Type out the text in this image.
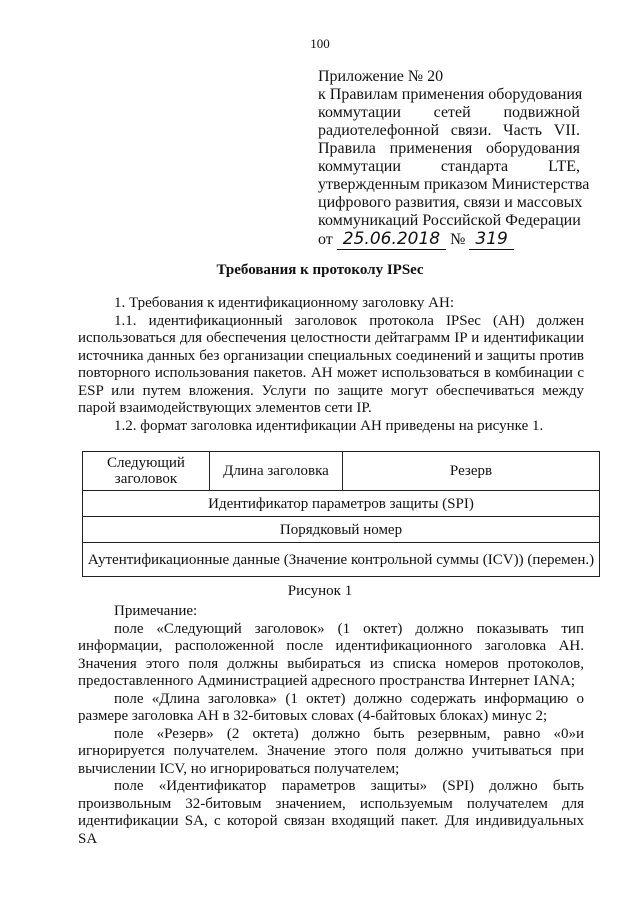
100
Приложение № 20
к Правилам применения оборудования
коммутации сетей подвижной
радиотелефонной связи. Часть VII.
Правила применения оборудования
коммутации стандарта LTE,
утвержденным приказом Министерства
цифрового развития, связи и массовых
коммуникаций Российской Федерации
от 25.06.2018 № 319
Требования к протоколу IPSec
1. Требования к идентификационному заголовку АН:
1.1. идентификационный заголовок протокола IPSec (АН) должен
использоваться для обеспечения целостности дейтаграмм IP и идентификации источника данных без организации специальных соединений и защиты против повторного использования пакетов. АН может использоваться в комбинации с ESP или путем вложения. Услуги по защите могут обеспечиваться между парой взаимодействующих элементов сети IP.
1.2. формат заголовка идентификации АН приведены на рисунке 1.
Следующий заголовок	Длина заголовка	Резерв
Идентификатор параметров защиты (SPI)
Порядковый номер
Аутентификационные данные (Значение контрольной суммы (ICV)) (перемен.)
Рисунок 1
Примечание:
поле «Следующий заголовок» (1 октет) должно показывать тип информации, расположенной после идентификационного заголовка АН. Значения этого поля должны выбираться из списка номеров протоколов, предоставленного Администрацией адресного пространства Интернет IANA;
поле «Длина заголовка» (1 октет) должно содержать информацию о размере заголовка АН в 32-битовых словах (4-байтовых блоках) минус 2;
поле «Резерв» (2 октета) должно быть резервным, равно «0»и игнорируется получателем. Значение этого поля должно учитываться при вычислении ICV, но игнорироваться получателем;
поле «Идентификатор параметров защиты» (SPI) должно быть произвольным 32-битовым значением, используемым получателем для идентификации SA, с которой связан входящий пакет. Для индивидуальных SA
